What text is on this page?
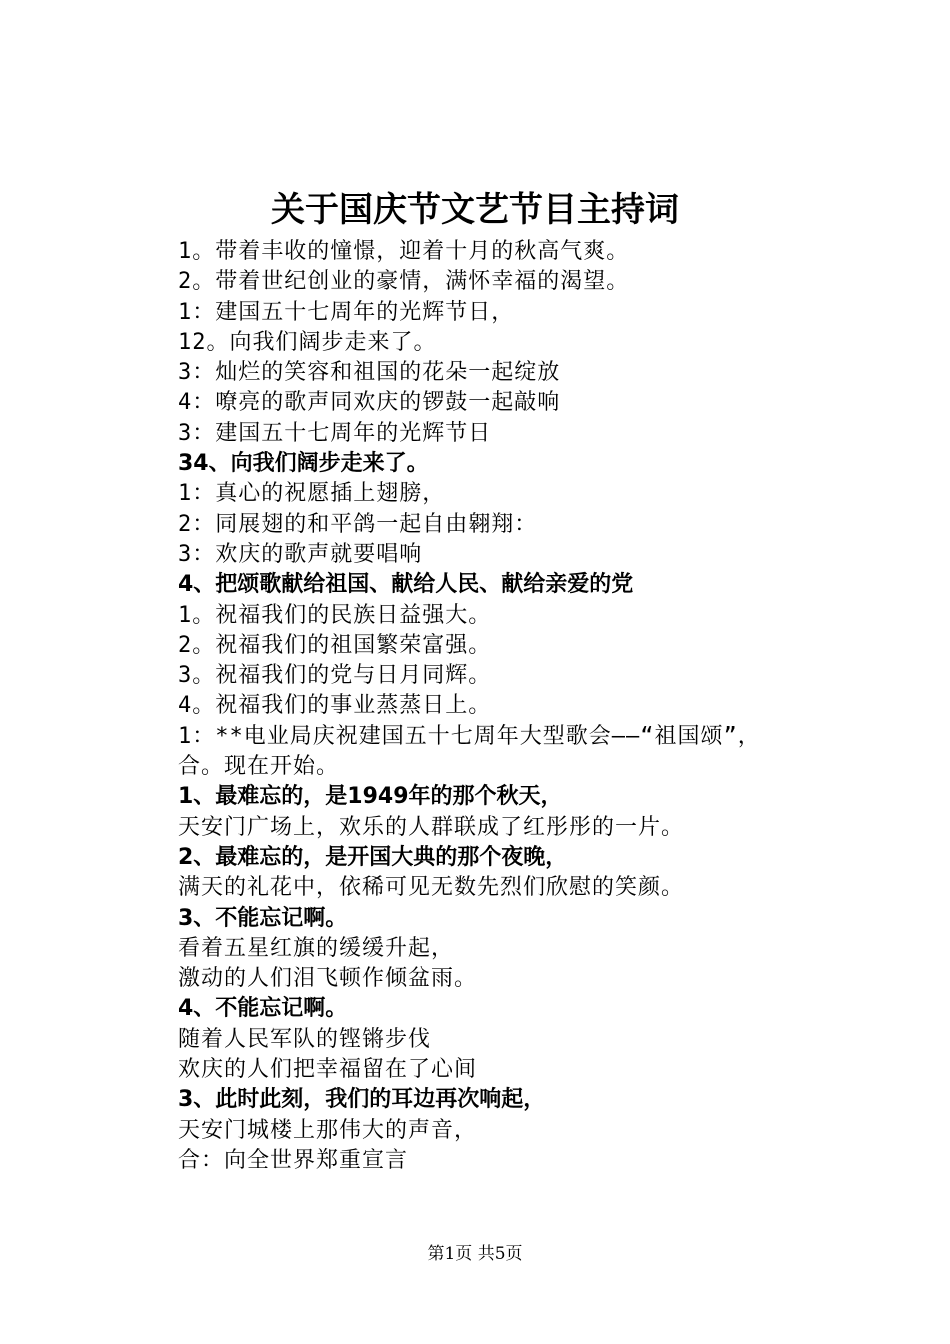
关于国庆节文艺节目主持词
1。带着丰收的憧憬，迎着十月的秋高气爽。
2。带着世纪创业的豪情，满怀幸福的渴望。
1：建国五十七周年的光辉节日，
12。向我们阔步走来了。
3：灿烂的笑容和祖国的花朵一起绽放
4：嘹亮的歌声同欢庆的锣鼓一起敲响
3：建国五十七周年的光辉节日
34、向我们阔步走来了。
1：真心的祝愿插上翅膀，
2：同展翅的和平鸽一起自由翱翔：
3：欢庆的歌声就要唱响
4、把颂歌献给祖国、献给人民、献给亲爱的党
1。祝福我们的民族日益强大。
2。祝福我们的祖国繁荣富强。
3。祝福我们的党与日月同辉。
4。祝福我们的事业蒸蒸日上。
1：**电业局庆祝建国五十七周年大型歌会——“祖国颂”，
合。现在开始。
1、最难忘的，是1949年的那个秋天，
天安门广场上，欢乐的人群联成了红彤彤的一片。
2、最难忘的，是开国大典的那个夜晚，
满天的礼花中，依稀可见无数先烈们欣慰的笑颜。
3、不能忘记啊。
看着五星红旗的缓缓升起，
激动的人们泪飞顿作倾盆雨。
4、不能忘记啊。
随着人民军队的铿锵步伐
欢庆的人们把幸福留在了心间
3、此时此刻，我们的耳边再次响起，
天安门城楼上那伟大的声音，
合：向全世界郑重宣言
第1页 共5页
